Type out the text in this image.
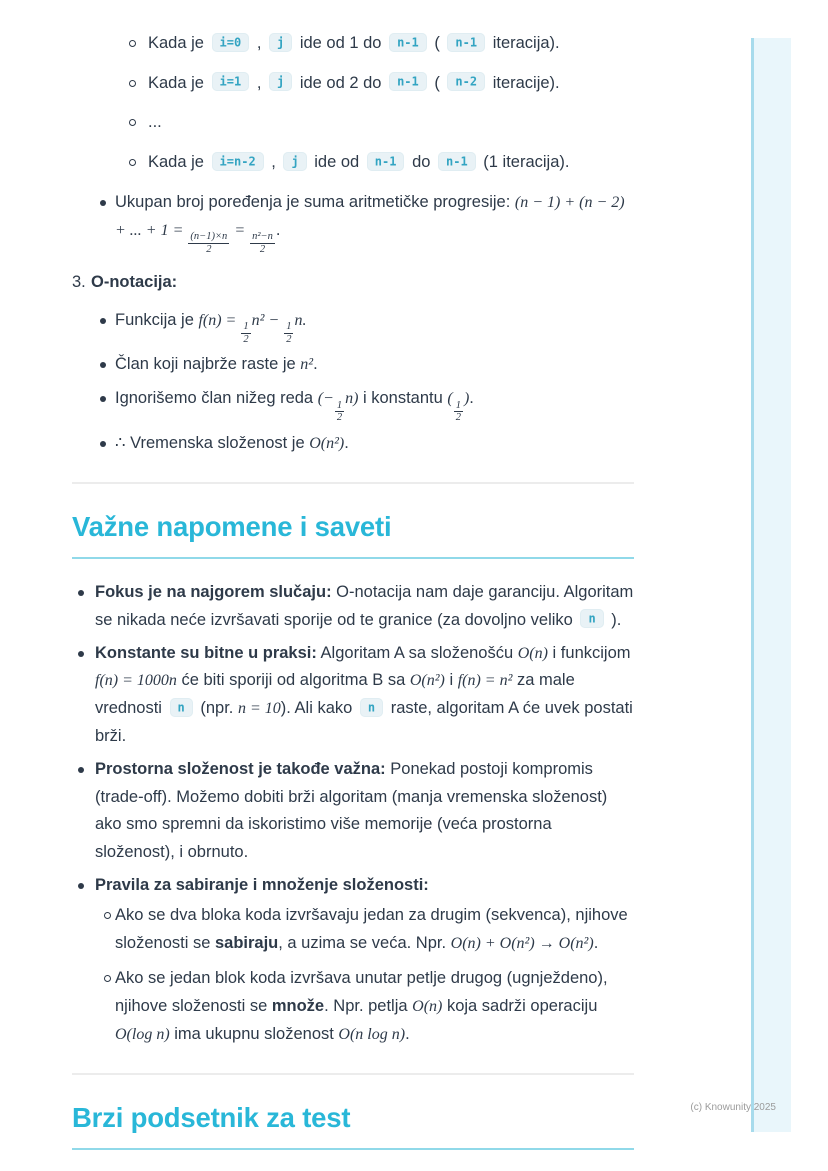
Kada je i=0 , j ide od 1 do n-1 ( n-1 iteracija).
Kada je i=1 , j ide od 2 do n-1 ( n-2 iteracije).
...
Kada je i=n-2 , j ide od n-1 do n-1 (1 iteracija).
Ukupan broj poređenja je suma aritmetičke progresije: (n − 1) + (n − 2) + ... + 1 =
$\frac{(n-1)\times n}{2}$
=
$\frac{\text{n²−n}}{2}$
.
3. O-notacija:
Funkcija je f(n) =
$\frac{1}{2}$
n² −
$\frac{1}{2}$
n.
Član koji najbrže raste je n².
Ignorišemo član nižeg reda (−
$\frac{1}{2}$
n) i konstantu (
$\frac{1}{2}$
).
∴ Vremenska složenost je O(n²).
Važne napomene i saveti
Fokus je na najgorem slučaju: O-notacija nam daje garanciju. Algoritam se nikada neće izvršavati sporije od te granice (za dovoljno veliko n ).
Konstante su bitne u praksi: Algoritam A sa složenošću O(n) i funkcijom f(n) = 1000n će biti sporiji od algoritma B sa O(n²) i f(n) = n² za male vrednosti n (npr. n = 10). Ali kako n raste, algoritam A će uvek postati brži.
Prostorna složenost je takođe važna: Ponekad postoji kompromis (trade-off). Možemo dobiti brži algoritam (manja vremenska složenost) ako smo spremni da iskoristimo više memorije (veća prostorna složenost), i obrnuto.
Pravila za sabiranje i množenje složenosti:
Ako se dva bloka koda izvršavaju jedan za drugim (sekvenca), njihove složenosti se sabiraju, a uzima se veća. Npr. O(n) + O(n²) → O(n²).
Ako se jedan blok koda izvršava unutar petlje drugog (ugnježdeno), njihove složenosti se množe. Npr. petlja O(n) koja sadrži operaciju O(log n) ima ukupnu složenost O(n log n).
Brzi podsetnik za test	(c) Knowunity 2025
